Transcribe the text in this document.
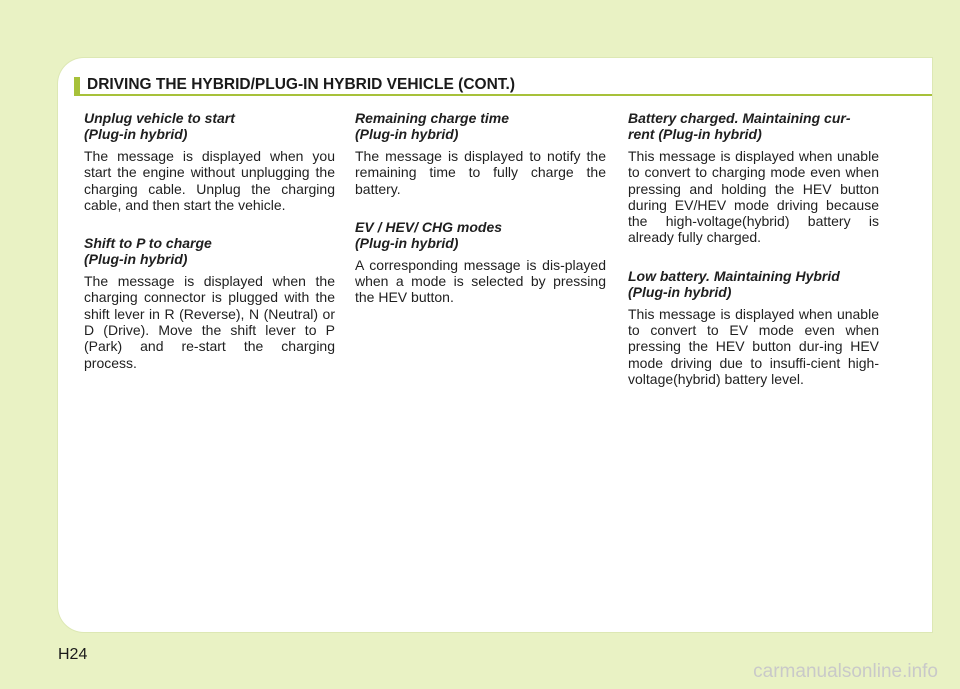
DRIVING THE HYBRID/PLUG-IN HYBRID VEHICLE (CONT.)
Unplug vehicle to start
(Plug-in hybrid)

The message is displayed when you start the engine without unplugging the charging cable. Unplug the charging cable, and then start the vehicle.

Shift to P to charge
(Plug-in hybrid)

The message is displayed when the charging connector is plugged with the shift lever in R (Reverse), N (Neutral) or D (Drive). Move the shift lever to P (Park) and re-start the charging process.

Remaining charge time
(Plug-in hybrid)

The message is displayed to notify the remaining time to fully charge the battery.

EV / HEV/ CHG modes
(Plug-in hybrid)

A corresponding message is dis-played when a mode is selected by pressing the HEV button.

Battery charged. Maintaining cur-
rent (Plug-in hybrid)

This message is displayed when unable to convert to charging mode even when pressing and holding the HEV button during EV/HEV mode driving because the high-voltage(hybrid) battery is already fully charged.

Low battery. Maintaining Hybrid
(Plug-in hybrid)

This message is displayed when unable to convert to EV mode even when pressing the HEV button dur-ing HEV mode driving due to insuffi-cient high-voltage(hybrid) battery level.

H24
carmanualsonline.info
